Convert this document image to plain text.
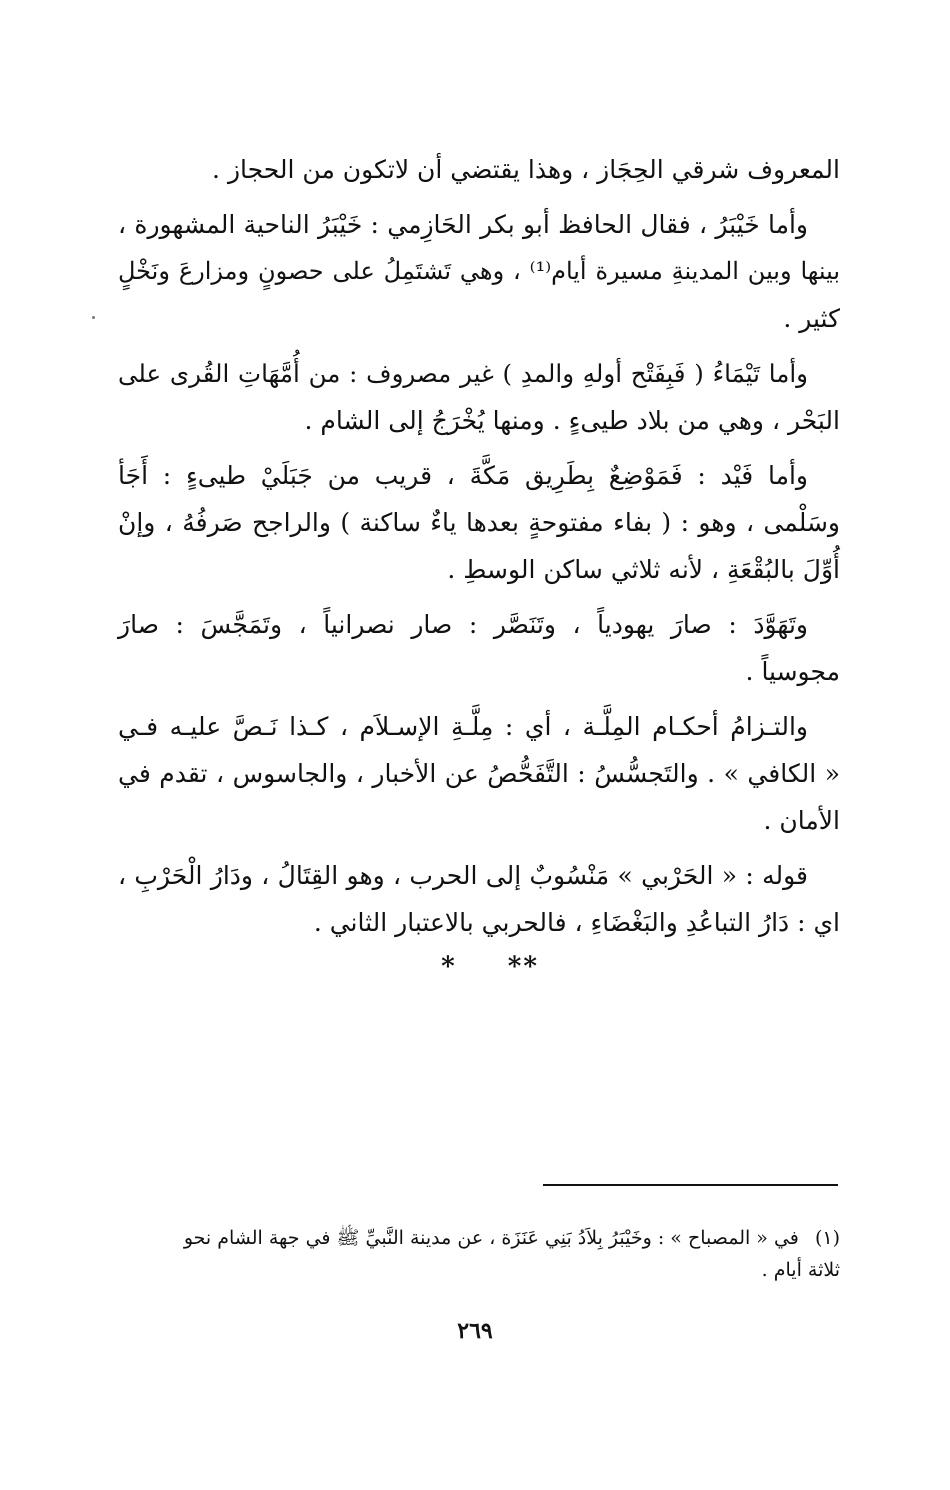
المعروف شرقي الحِجَاز ، وهذا يقتضي أن لاتكون من الحجاز .

وأما خَيْبَرُ ، فقال الحافظ أبو بكر الحَازِمي : خَيْبَرُ الناحية المشهورة ،
بينها وبين المدينةِ مسيرة أيام⁽¹⁾ ، وهي تَشتَمِلُ على حصونٍ ومزارعَ ونَخْلٍ
كثير .

وأما تَيْمَاءُ ( فَبِفَتْح أولهِ والمدِ ) غير مصروف : من أُمَّهَاتِ القُرى على
البَحْر ، وهي من بلاد طيىءٍ . ومنها يُخْرَجُ إلى الشام .

وأما فَيْد : فَمَوْضِعٌ بِطَرِيق مَكَّةَ ، قريب من جَبَلَيْ طيىءٍ : أَجَأ
وسَلْمى ، وهو : ( بفاء مفتوحةٍ بعدها ياءٌ ساكنة ) والراجح صَرفُهُ ، وإنْ
أُوِّلَ بالبُقْعَةِ ، لأنه ثلاثي ساكن الوسطِ .

وتَهَوَّدَ : صارَ يهودياً ، وتَنَصَّر : صار نصرانياً ، وتَمَجَّسَ : صارَ
مجوسياً .

والتـزامُ أحكـام المِلَّـة ، أي : مِلَّـةِ الإسـلاَم ، كـذا نَـصَّ عليـه فـي
« الكافي » . والتَجسُّسُ : التَّفَحُّصُ عن الأخبار ، والجاسوس ، تقدم في
الأمان .

قوله : « الحَرْبي » مَنْسُوبٌ إلى الحرب ، وهو القِتَالُ ، ودَارُ الْحَرْبِ ،
اي : دَارُ التباعُدِ والبَغْضَاءِ ، فالحربي بالاعتبار الثاني .

** *
(١) في « المصباح » : وخَيْبَرُ بِلاَدُ بَنِي عَنَزَة ، عن مدينة النَّبيِّ ﷺ في جهة الشام نحو
ثلاثة أيام .
٢٦٩
